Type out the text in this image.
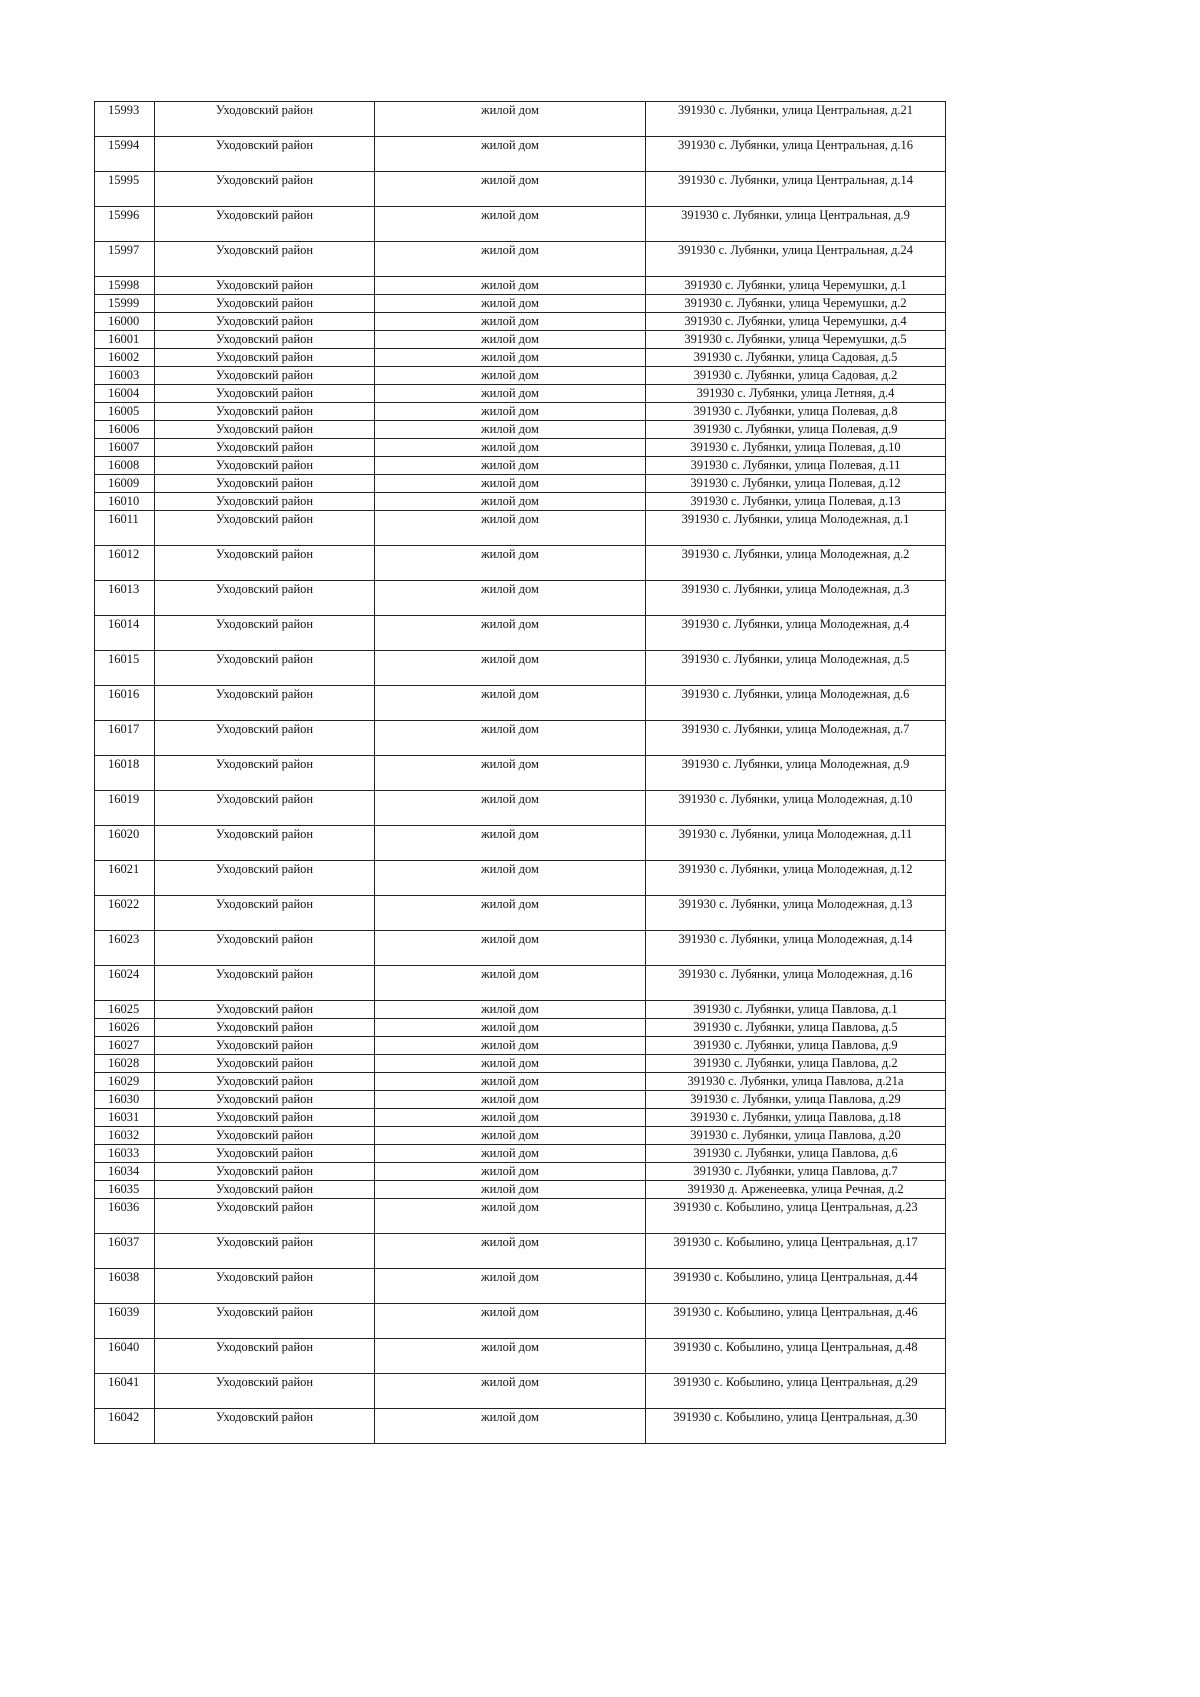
15993	Уходовский район	жилой дом	391930 с. Лубянки, улица Центральная, д.21
15994	Уходовский район	жилой дом	391930 с. Лубянки, улица Центральная, д.16
15995	Уходовский район	жилой дом	391930 с. Лубянки, улица Центральная, д.14
15996	Уходовский район	жилой дом	391930 с. Лубянки, улица Центральная, д.9
15997	Уходовский район	жилой дом	391930 с. Лубянки, улица Центральная, д.24
15998	Уходовский район	жилой дом	391930 с. Лубянки, улица Черемушки, д.1
15999	Уходовский район	жилой дом	391930 с. Лубянки, улица Черемушки, д.2
16000	Уходовский район	жилой дом	391930 с. Лубянки, улица Черемушки, д.4
16001	Уходовский район	жилой дом	391930 с. Лубянки, улица Черемушки, д.5
16002	Уходовский район	жилой дом	391930 с. Лубянки, улица Садовая, д.5
16003	Уходовский район	жилой дом	391930 с. Лубянки, улица Садовая, д.2
16004	Уходовский район	жилой дом	391930 с. Лубянки, улица Летняя, д.4
16005	Уходовский район	жилой дом	391930 с. Лубянки, улица Полевая, д.8
16006	Уходовский район	жилой дом	391930 с. Лубянки, улица Полевая, д.9
16007	Уходовский район	жилой дом	391930 с. Лубянки, улица Полевая, д.10
16008	Уходовский район	жилой дом	391930 с. Лубянки, улица Полевая, д.11
16009	Уходовский район	жилой дом	391930 с. Лубянки, улица Полевая, д.12
16010	Уходовский район	жилой дом	391930 с. Лубянки, улица Полевая, д.13
16011	Уходовский район	жилой дом	391930 с. Лубянки, улица Молодежная, д.1
16012	Уходовский район	жилой дом	391930 с. Лубянки, улица Молодежная, д.2
16013	Уходовский район	жилой дом	391930 с. Лубянки, улица Молодежная, д.3
16014	Уходовский район	жилой дом	391930 с. Лубянки, улица Молодежная, д.4
16015	Уходовский район	жилой дом	391930 с. Лубянки, улица Молодежная, д.5
16016	Уходовский район	жилой дом	391930 с. Лубянки, улица Молодежная, д.6
16017	Уходовский район	жилой дом	391930 с. Лубянки, улица Молодежная, д.7
16018	Уходовский район	жилой дом	391930 с. Лубянки, улица Молодежная, д.9
16019	Уходовский район	жилой дом	391930 с. Лубянки, улица Молодежная, д.10
16020	Уходовский район	жилой дом	391930 с. Лубянки, улица Молодежная, д.11
16021	Уходовский район	жилой дом	391930 с. Лубянки, улица Молодежная, д.12
16022	Уходовский район	жилой дом	391930 с. Лубянки, улица Молодежная, д.13
16023	Уходовский район	жилой дом	391930 с. Лубянки, улица Молодежная, д.14
16024	Уходовский район	жилой дом	391930 с. Лубянки, улица Молодежная, д.16
16025	Уходовский район	жилой дом	391930 с. Лубянки, улица Павлова, д.1
16026	Уходовский район	жилой дом	391930 с. Лубянки, улица Павлова, д.5
16027	Уходовский район	жилой дом	391930 с. Лубянки, улица Павлова, д.9
16028	Уходовский район	жилой дом	391930 с. Лубянки, улица Павлова, д.2
16029	Уходовский район	жилой дом	391930 с. Лубянки, улица Павлова, д.21а
16030	Уходовский район	жилой дом	391930 с. Лубянки, улица Павлова, д.29
16031	Уходовский район	жилой дом	391930 с. Лубянки, улица Павлова, д.18
16032	Уходовский район	жилой дом	391930 с. Лубянки, улица Павлова, д.20
16033	Уходовский район	жилой дом	391930 с. Лубянки, улица Павлова, д.6
16034	Уходовский район	жилой дом	391930 с. Лубянки, улица Павлова, д.7
16035	Уходовский район	жилой дом	391930 д. Арженеевка, улица Речная, д.2
16036	Уходовский район	жилой дом	391930 с. Кобылино, улица Центральная, д.23
16037	Уходовский район	жилой дом	391930 с. Кобылино, улица Центральная, д.17
16038	Уходовский район	жилой дом	391930 с. Кобылино, улица Центральная, д.44
16039	Уходовский район	жилой дом	391930 с. Кобылино, улица Центральная, д.46
16040	Уходовский район	жилой дом	391930 с. Кобылино, улица Центральная, д.48
16041	Уходовский район	жилой дом	391930 с. Кобылино, улица Центральная, д.29
16042	Уходовский район	жилой дом	391930 с. Кобылино, улица Центральная, д.30
